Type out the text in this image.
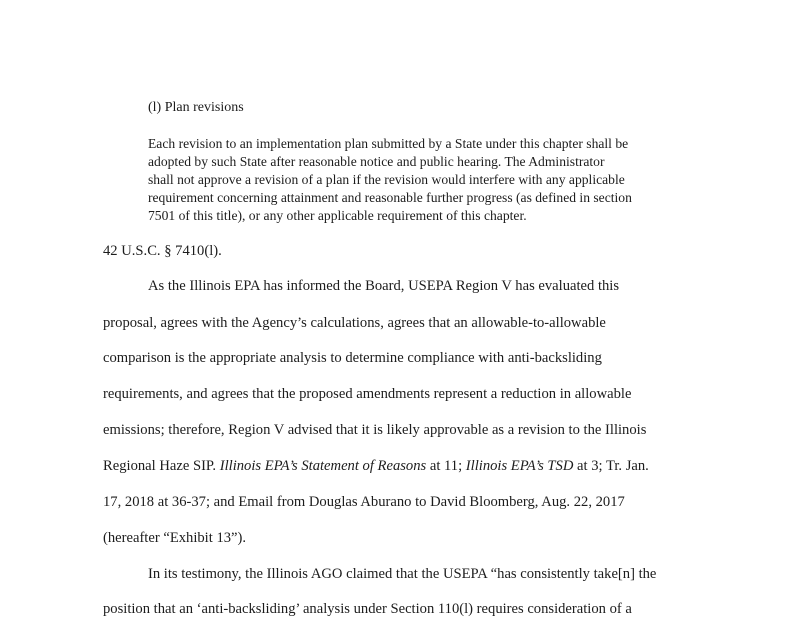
(l) Plan revisions

Each revision to an implementation plan submitted by a State under this chapter shall be

adopted by such State after reasonable notice and public hearing. The Administrator

shall not approve a revision of a plan if the revision would interfere with any applicable

requirement concerning attainment and reasonable further progress (as defined in section

7501 of this title), or any other applicable requirement of this chapter.

42 U.S.C. § 7410(l).

As the Illinois EPA has informed the Board, USEPA Region V has evaluated this

proposal, agrees with the Agency’s calculations, agrees that an allowable-to-allowable

comparison is the appropriate analysis to determine compliance with anti-backsliding

requirements, and agrees that the proposed amendments represent a reduction in allowable

emissions; therefore, Region V advised that it is likely approvable as a revision to the Illinois

Regional Haze SIP. Illinois EPA’s Statement of Reasons at 11; Illinois EPA’s TSD at 3; Tr. Jan.

17, 2018 at 36-37; and Email from Douglas Aburano to David Bloomberg, Aug. 22, 2017

(hereafter “Exhibit 13”).

In its testimony, the Illinois AGO claimed that the USEPA “has consistently take[n] the

position that an ‘anti-backsliding’ analysis under Section 110(l) requires consideration of a
